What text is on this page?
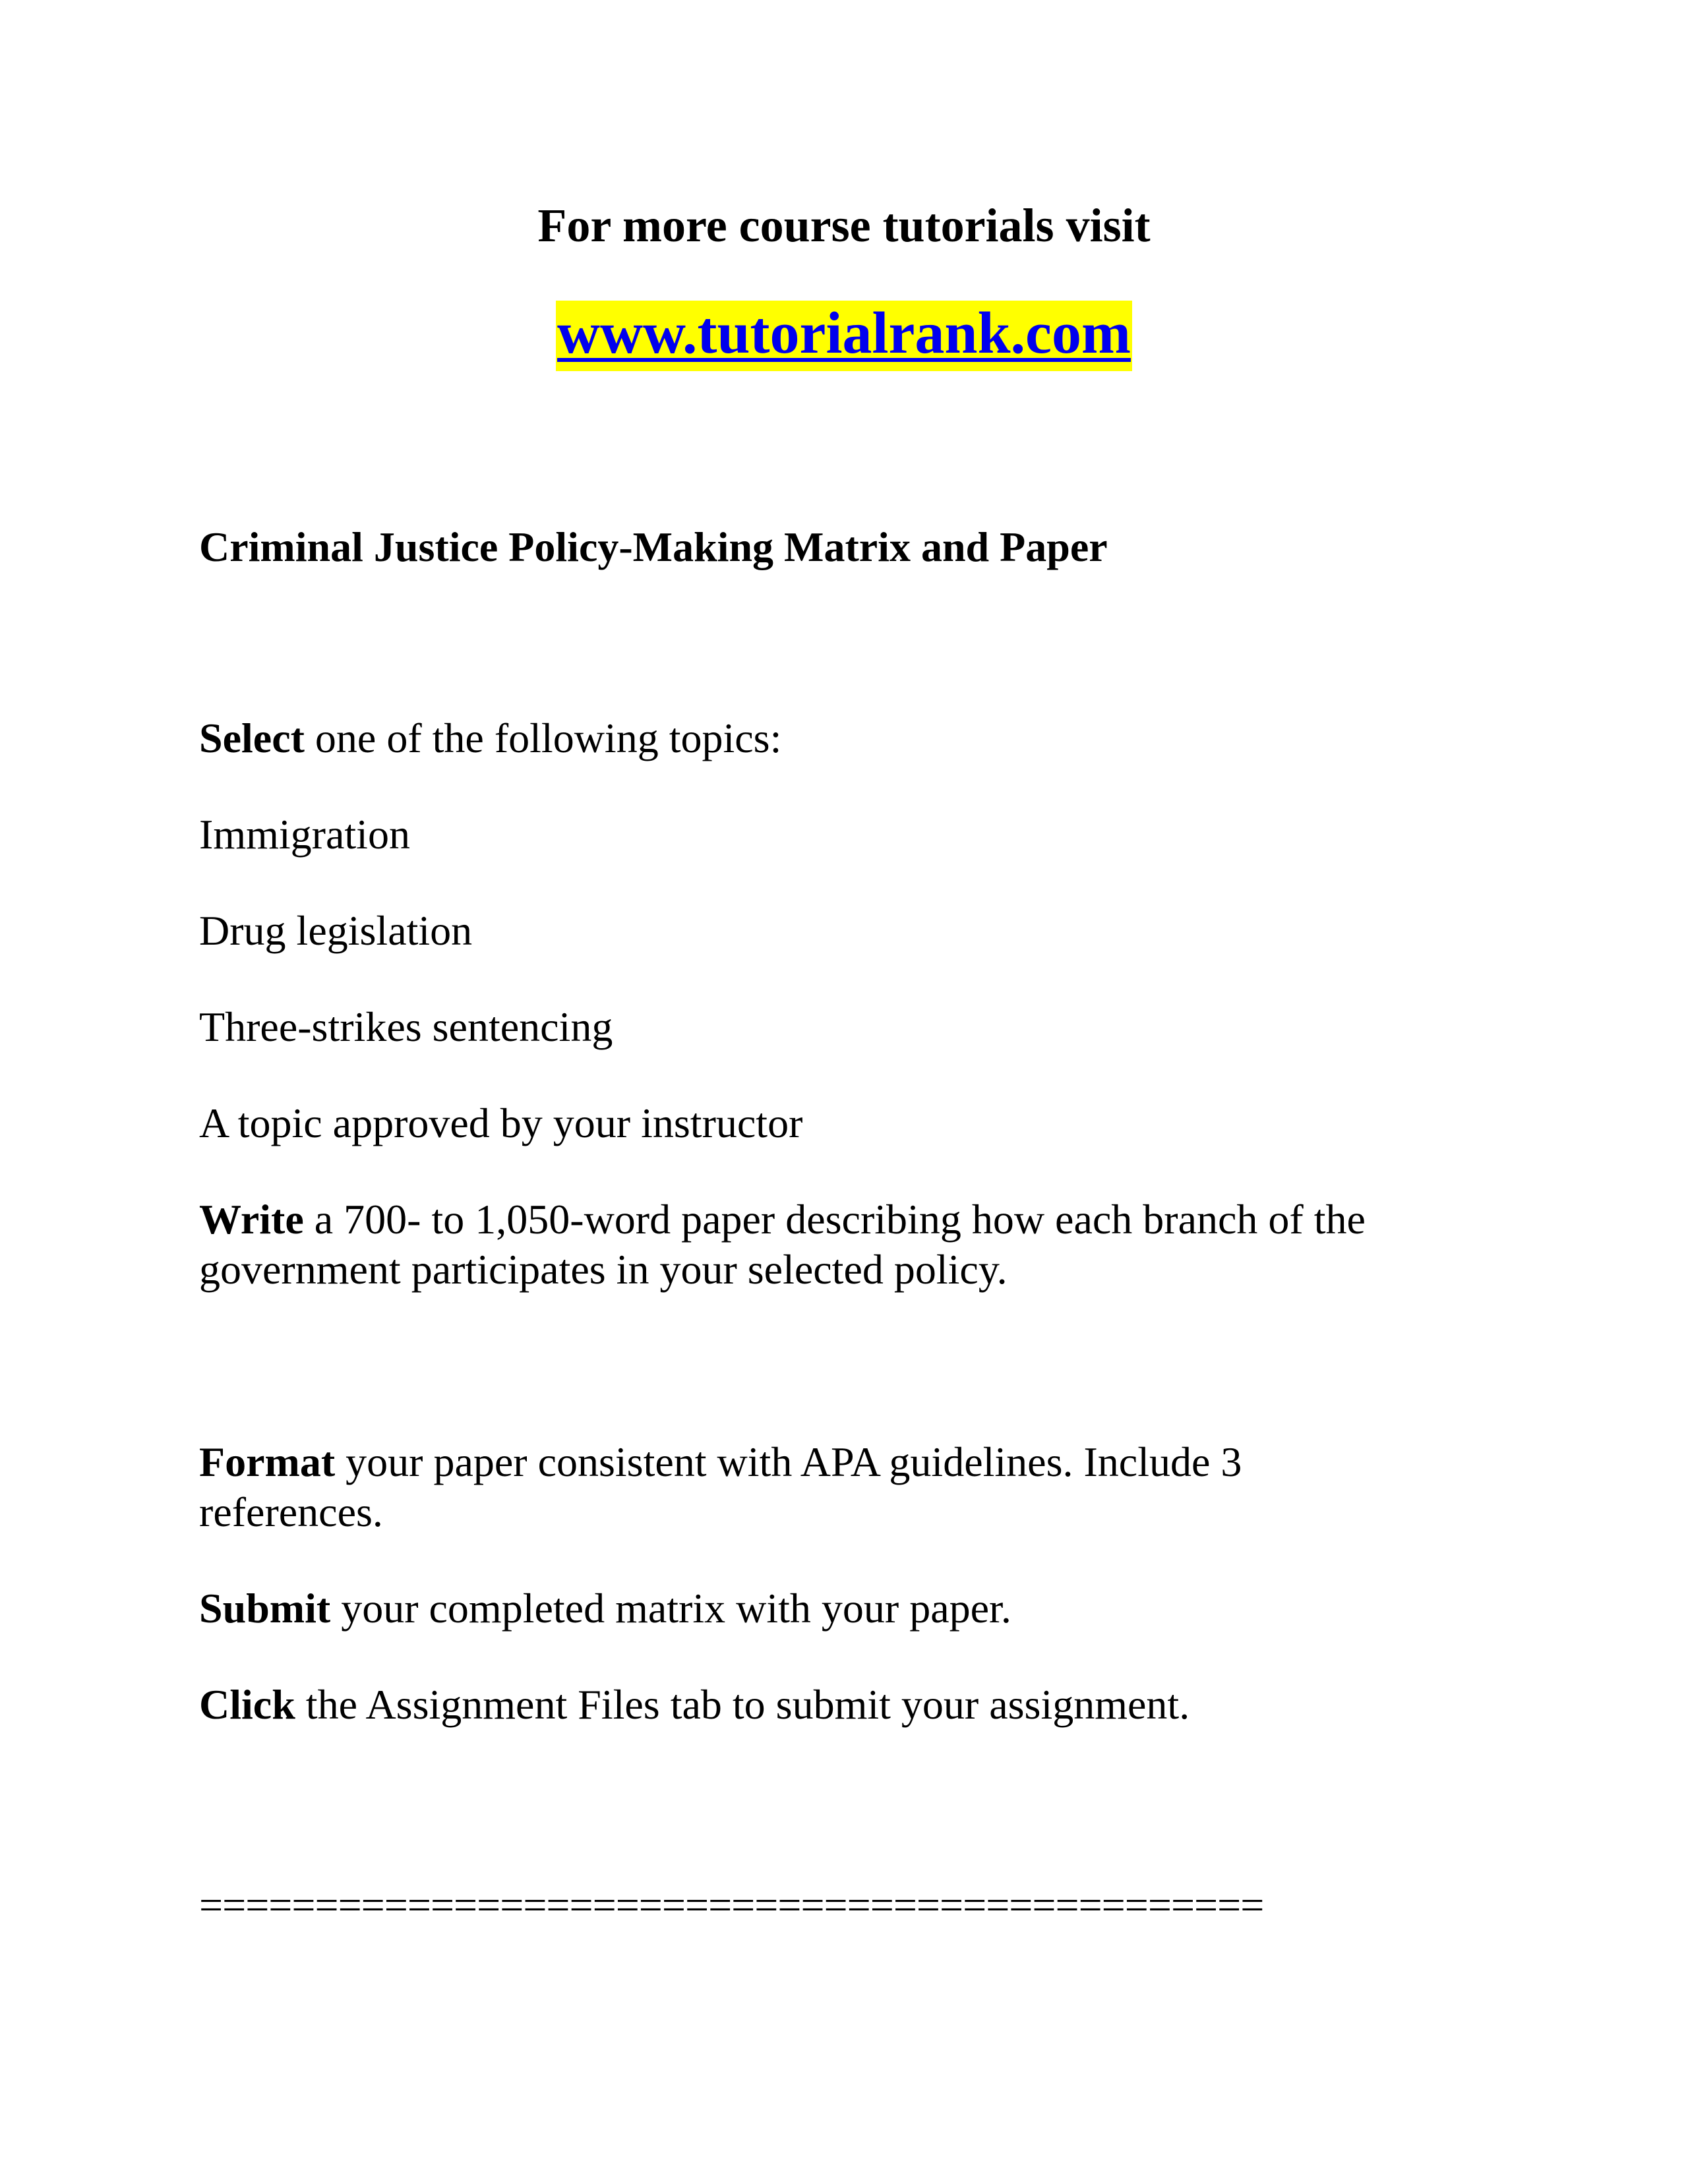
For more course tutorials visit
www.tutorialrank.com
Criminal Justice Policy-Making Matrix and Paper
Select one of the following topics:
Immigration
Drug legislation
Three-strikes sentencing
A topic approved by your instructor
Write a 700- to 1,050-word paper describing how each branch of the
government participates in your selected policy.
Format your paper consistent with APA guidelines. Include 3
references.
Submit your completed matrix with your paper.
Click the Assignment Files tab to submit your assignment.
==============================================
